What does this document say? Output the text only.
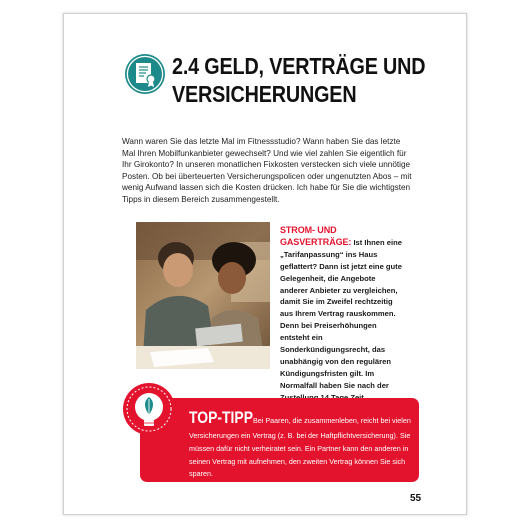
2.4 GELD, VERTRÄGE UND
VERSICHERUNGEN

Wann waren Sie das letzte Mal im Fitnessstudio? Wann haben Sie das letzte Mal Ihren Mobilfunkanbieter gewechselt? Und wie viel zahlen Sie eigentlich für Ihr Girokonto? In unseren monatlichen Fixkosten verstecken sich viele unnötige Posten. Ob bei überteuerten Versicherungspolicen oder ungenutzten Abos – mit wenig Aufwand lassen sich die Kosten drücken. Ich habe für Sie die wichtigsten Tipps in diesem Bereich zusammengestellt.

STROM- UND GASVERTRÄGE: Ist Ihnen eine „Tarifanpassung“ ins Haus geflattert? Dann ist jetzt eine gute Gelegenheit, die Angebote anderer Anbieter zu vergleichen, damit Sie im Zweifel rechtzeitig aus Ihrem Vertrag rauskommen. Denn bei Preiserhöhungen entsteht ein Sonderkündigungsrecht, das unabhängig von den regulären Kündigungsfristen gilt. Im Normalfall haben Sie nach der

TOP-TIPP Bei Paaren, die zusammenleben, reicht bei vielen

Versicherungen ein Vertrag (z. B. bei der Haftpflichtversicherung). Sie müssen dafür nicht verheiratet sein. Ein Partner kann den anderen in seinen Vertrag mit aufnehmen, den zweiten Vertrag können Sie sich sparen.

55
